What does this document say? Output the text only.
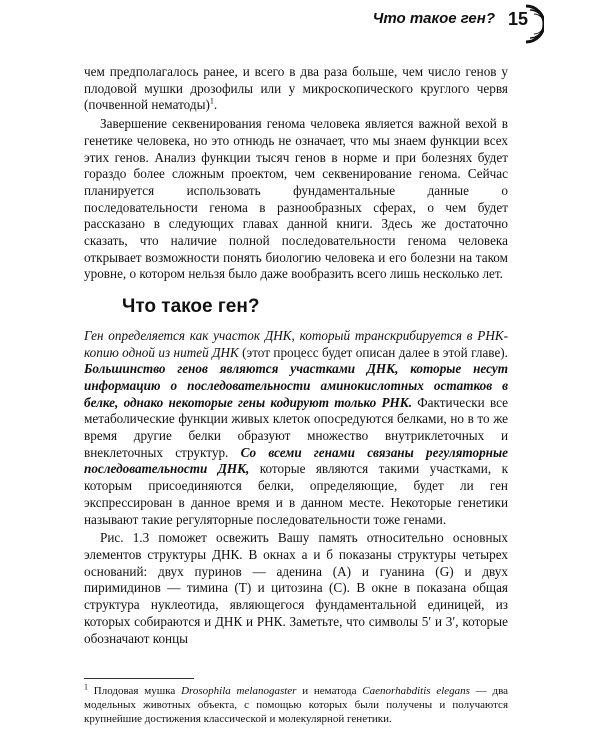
Что такое ген? 15

чем предполагалось ранее, и всего в два раза больше, чем число генов у плодовой мушки дрозофилы или у микроскопического круглого червя (почвенной нематоды)$^1$.

Завершение секвенирования генома человека является важной вехой в генетике человека, но это отнюдь не означает, что мы знаем функции всех этих генов. Анализ функции тысяч генов в норме и при болезнях будет гораздо более сложным проектом, чем секвенирование генома. Сейчас планируется использовать фундаментальные данные о последовательности генома в разнообразных сферах, о чем будет рассказано в следующих главах данной книги. Здесь же достаточно сказать, что наличие полной последовательности генома человека открывает возможности понять биологию человека и его болезни на таком уровне, о котором нельзя было даже вообразить всего лишь несколько лет.

Что такое ген?

Ген определяется как участок ДНК, который транскрибируется в РНК-копию одной из нитей ДНК (этот процесс будет описан далее в этой главе). Большинство генов являются участками ДНК, которые несут информацию о последовательности аминокислотных остатков в белке, однако некоторые гены кодируют только РНК. Фактически все метаболические функции живых клеток опосредуются белками, но в то же время другие белки образуют множество внутриклеточных и внеклеточных структур. Со всеми генами связаны регуляторные последовательности ДНК, которые являются такими участками, к которым присоединяются белки, определяющие, будет ли ген экспрессирован в данное время и в данном месте. Некоторые генетики называют такие регуляторные последовательности тоже генами.

Рис. 1.3 поможет освежить Вашу память относительно основных элементов структуры ДНК. В окнах а и б показаны структуры четырех оснований: двух пуринов — аденина (A) и гуанина (G) и двух пиримидинов — тимина (T) и цитозина (C). В окне в показана общая структура нуклеотида, являющегося фундаментальной единицей, из которых собираются и ДНК и РНК. Заметьте, что символы 5′ и 3′, которые обозначают концы

$^1$ Плодовая мушка Drosophila melanogaster и нематода Caenorhabditis elegans — два модельных животных объекта, с помощью которых были получены и получаются крупнейшие достижения классической и молекулярной генетики.
